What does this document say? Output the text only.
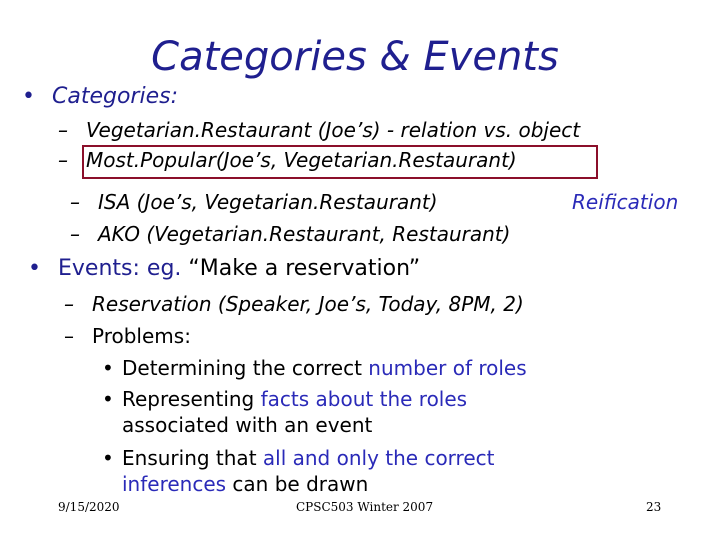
Categories & Events
• Categories:
– Vegetarian.Restaurant (Joe’s) - relation vs. object
– Most.Popular(Joe’s, Vegetarian.Restaurant)
– ISA (Joe’s, Vegetarian.Restaurant)	Reification
– AKO (Vegetarian.Restaurant, Restaurant)
• Events: eg. “Make a reservation”
– Reservation (Speaker, Joe’s, Today, 8PM, 2)
– Problems:
• Determining the correct number of roles
• Representing facts about the roles
associated with an event
• Ensuring that all and only the correct
inferences can be drawn
9/15/2020	CPSC503 Winter 2007	23
